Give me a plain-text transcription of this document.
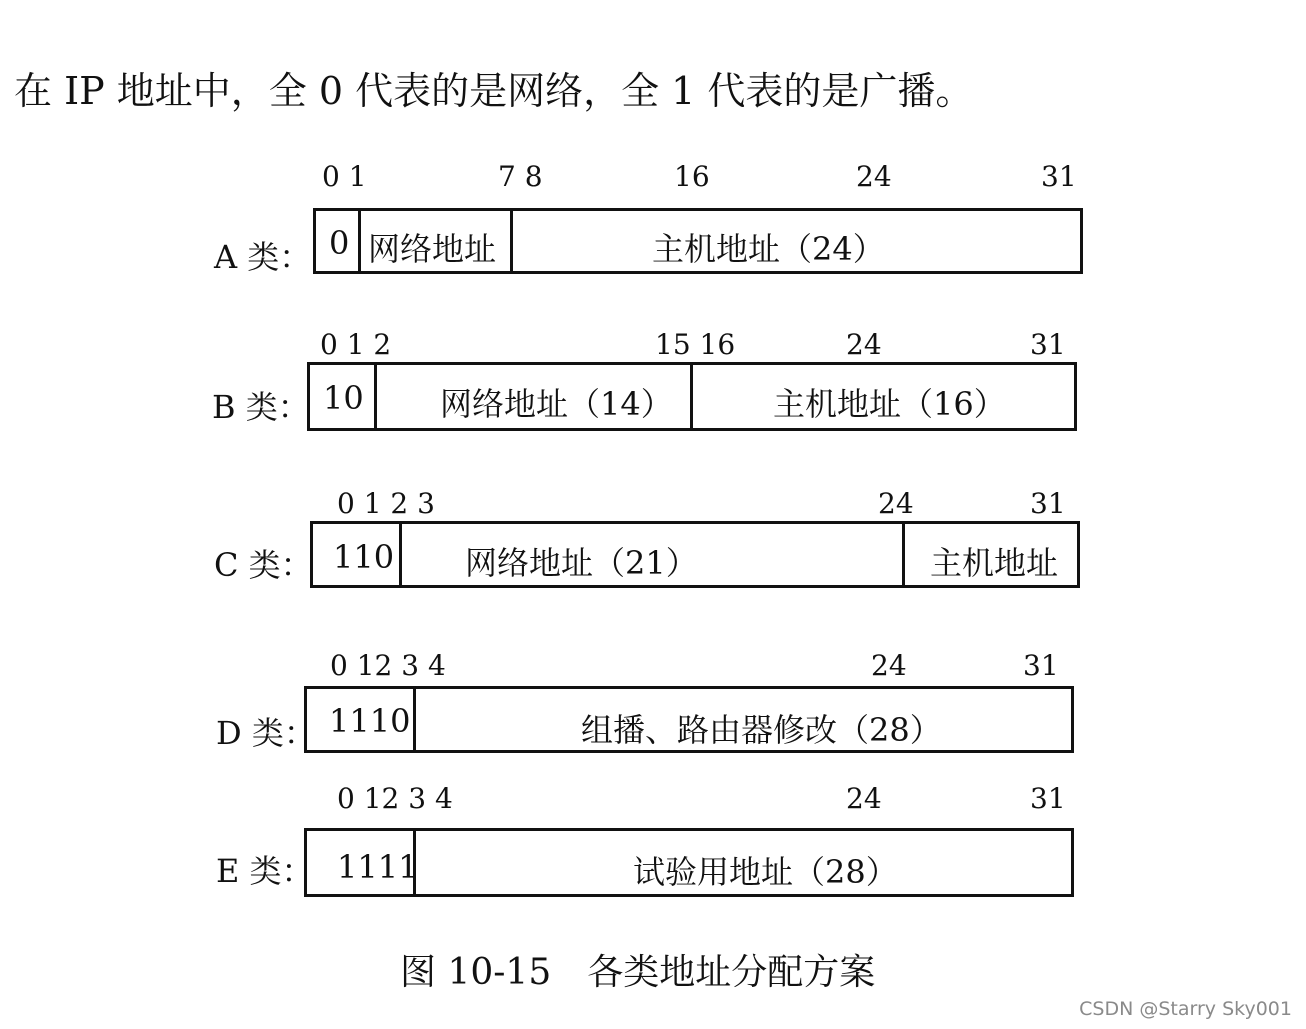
在 IP 地址中，全 0 代表的是网络，全 1 代表的是广播。
A 类：
0 1	7 8	16	24	31
0 网络地址	主机地址（24）
B 类：
0 1 2	15 16	24	31
10 网络地址（14）	主机地址（16）
C 类：
0 1 2 3	24	31
110 网络地址（21）	主机地址
D 类：
0 12 3 4	24	31
1110	组播、路由器修改（28）
E 类：
0 12 3 4	24	31
1111	试验用地址（28）
图 10-15　各类地址分配方案
CSDN @Starry Sky001
